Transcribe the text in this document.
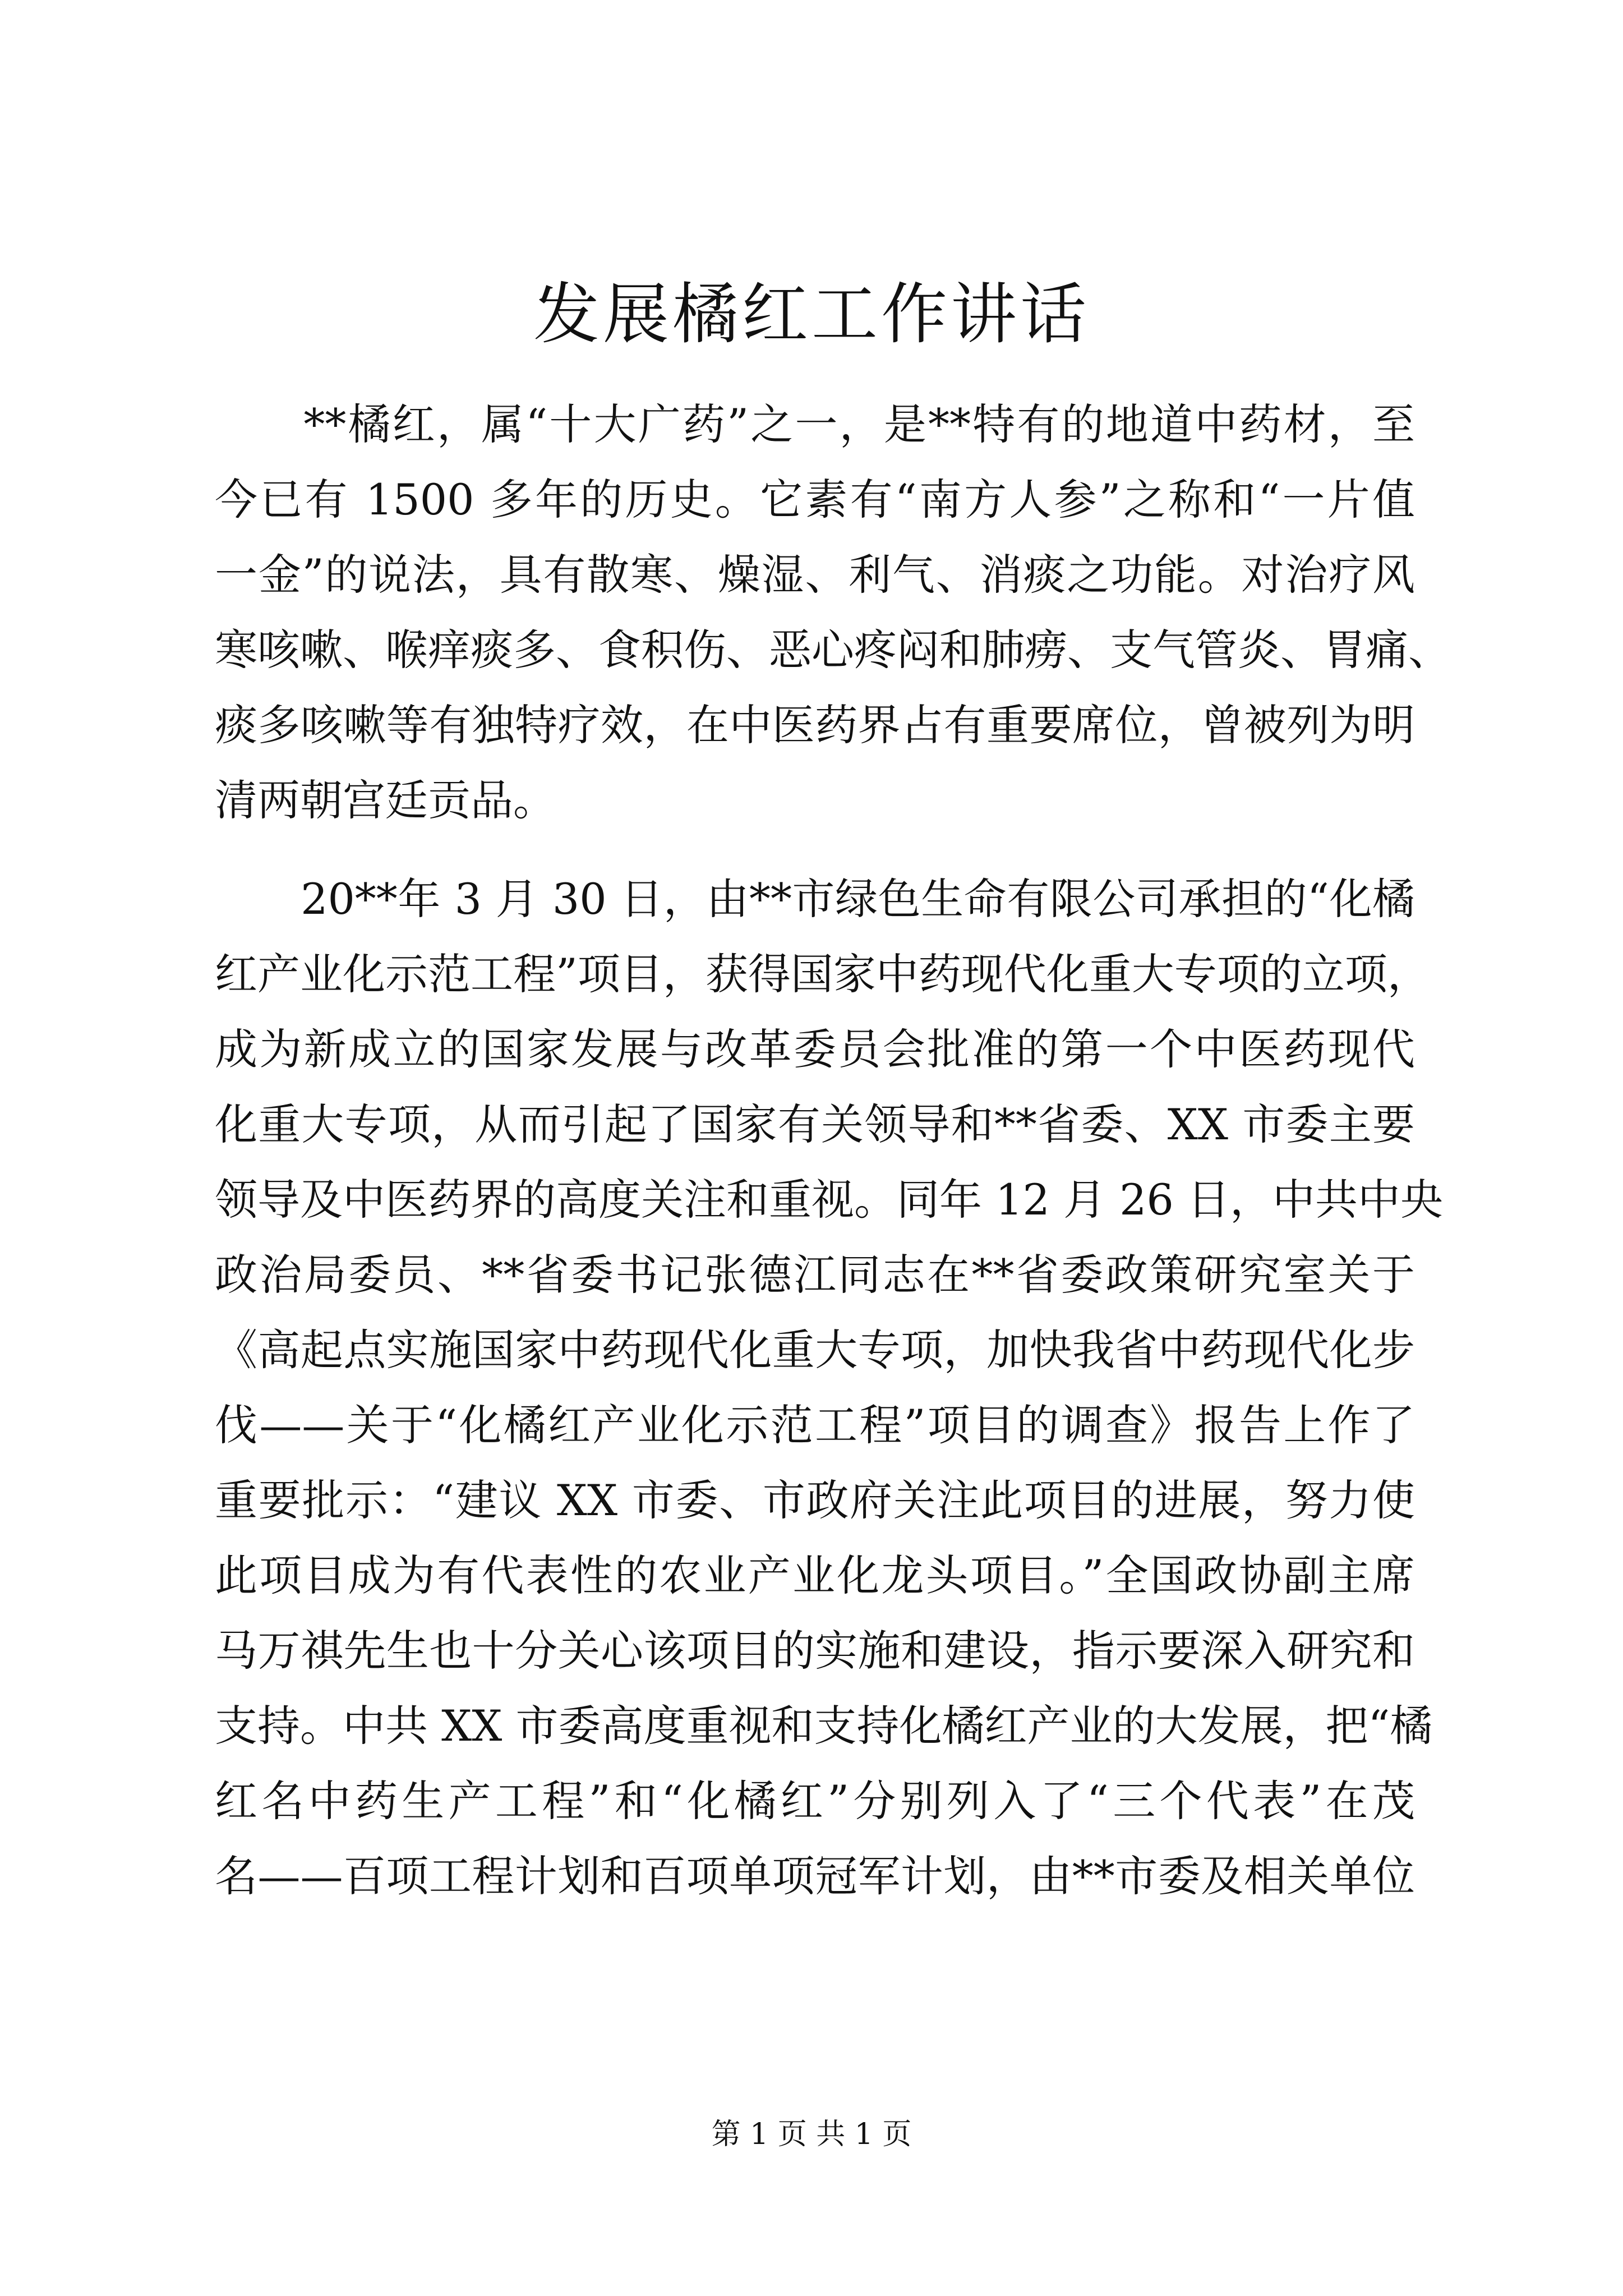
发展橘红工作讲话
　　**橘红，属“十大广药”之一，是**特有的地道中药材，至
今已有 1500 多年的历史。它素有“南方人参”之称和“一片值
一金”的说法，具有散寒、燥湿、利气、消痰之功能。对治疗风
寒咳嗽、喉痒痰多、食积伤、恶心疼闷和肺痨、支气管炎、胃痛、
痰多咳嗽等有独特疗效，在中医药界占有重要席位，曾被列为明
清两朝宫廷贡品。
　　20**年 3 月 30 日，由**市绿色生命有限公司承担的“化橘
红产业化示范工程”项目，获得国家中药现代化重大专项的立项，
成为新成立的国家发展与改革委员会批准的第一个中医药现代
化重大专项，从而引起了国家有关领导和**省委、XX 市委主要
领导及中医药界的高度关注和重视。同年 12 月 26 日，中共中央
政治局委员、**省委书记张德江同志在**省委政策研究室关于
《高起点实施国家中药现代化重大专项，加快我省中药现代化步
伐——关于“化橘红产业化示范工程”项目的调查》报告上作了
重要批示：“建议 XX 市委、市政府关注此项目的进展，努力使
此项目成为有代表性的农业产业化龙头项目。”全国政协副主席
马万祺先生也十分关心该项目的实施和建设，指示要深入研究和
支持。中共 XX 市委高度重视和支持化橘红产业的大发展，把“橘
红名中药生产工程”和“化橘红”分别列入了“三个代表”在茂
名——百项工程计划和百项单项冠军计划，由**市委及相关单位
第 1 页 共 1 页
